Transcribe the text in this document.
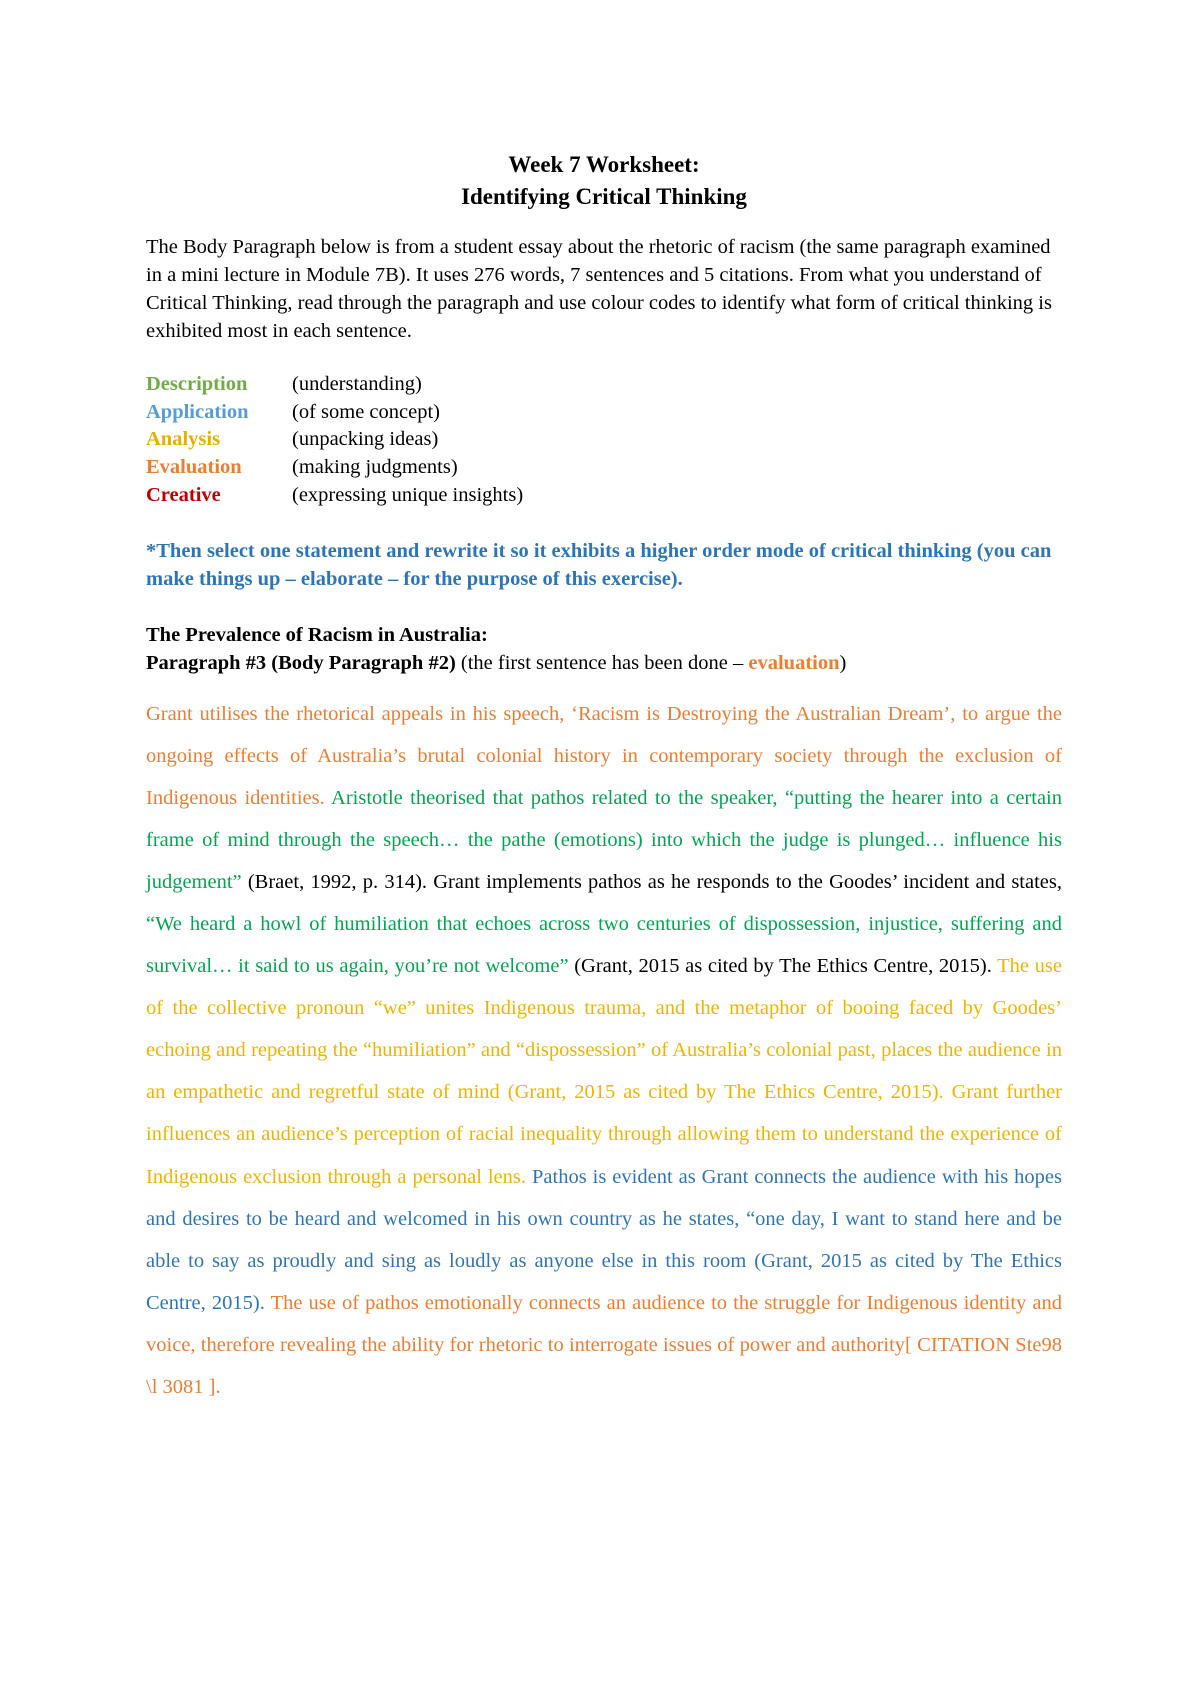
Week 7 Worksheet:
Identifying Critical Thinking
The Body Paragraph below is from a student essay about the rhetoric of racism (the same paragraph examined in a mini lecture in Module 7B). It uses 276 words, 7 sentences and 5 citations. From what you understand of Critical Thinking, read through the paragraph and use colour codes to identify what form of critical thinking is exhibited most in each sentence.
Description	(understanding)
Application	(of some concept)
Analysis	(unpacking ideas)
Evaluation	(making judgments)
Creative	(expressing unique insights)
*Then select one statement and rewrite it so it exhibits a higher order mode of critical thinking (you can make things up – elaborate – for the purpose of this exercise).
The Prevalence of Racism in Australia:
Paragraph #3 (Body Paragraph #2) (the first sentence has been done – evaluation)
Grant utilises the rhetorical appeals in his speech, ‘Racism is Destroying the Australian Dream’, to argue the ongoing effects of Australia’s brutal colonial history in contemporary society through the exclusion of Indigenous identities. Aristotle theorised that pathos related to the speaker, “putting the hearer into a certain frame of mind through the speech… the pathe (emotions) into which the judge is plunged… influence his judgement” (Braet, 1992, p. 314). Grant implements pathos as he responds to the Goodes’ incident and states, “We heard a howl of humiliation that echoes across two centuries of dispossession, injustice, suffering and survival… it said to us again, you’re not welcome” (Grant, 2015 as cited by The Ethics Centre, 2015). The use of the collective pronoun “we” unites Indigenous trauma, and the metaphor of booing faced by Goodes’ echoing and repeating the “humiliation” and “dispossession” of Australia’s colonial past, places the audience in an empathetic and regretful state of mind (Grant, 2015 as cited by The Ethics Centre, 2015). Grant further influences an audience’s perception of racial inequality through allowing them to understand the experience of Indigenous exclusion through a personal lens. Pathos is evident as Grant connects the audience with his hopes and desires to be heard and welcomed in his own country as he states, “one day, I want to stand here and be able to say as proudly and sing as loudly as anyone else in this room (Grant, 2015 as cited by The Ethics Centre, 2015). The use of pathos emotionally connects an audience to the struggle for Indigenous identity and voice, therefore revealing the ability for rhetoric to interrogate issues of power and authority[ CITATION Ste98 \l 3081 ].
